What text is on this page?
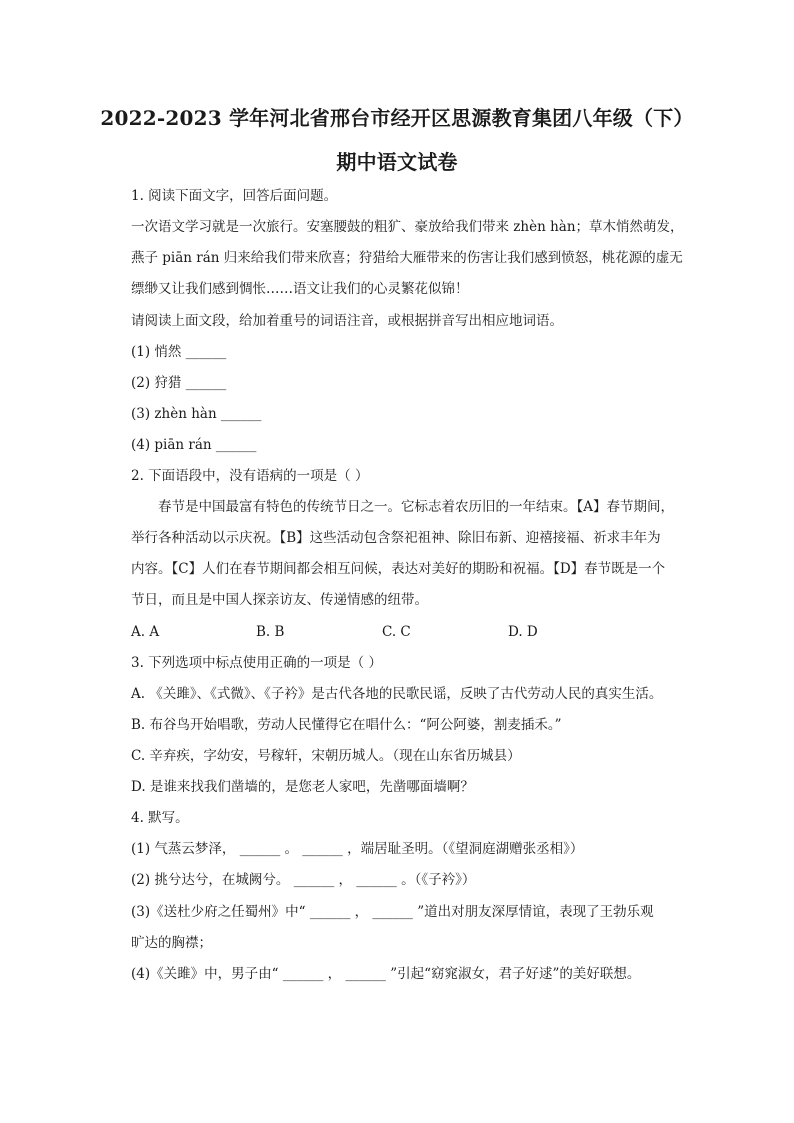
2022-2023 学年河北省邢台市经开区思源教育集团八年级（下）
期中语文试卷
1. 阅读下面文字，回答后面问题。
一次语文学习就是一次旅行。安塞腰鼓的粗犷、豪放给我们带来 zhèn hàn；草木悄然萌发，
燕子 piān rán 归来给我们带来欣喜；狩猎给大雁带来的伤害让我们感到愤怒，桃花源的虚无
缥缈又让我们感到惆怅……语文让我们的心灵繁花似锦！
请阅读上面文段，给加着重号的词语注音，或根据拼音写出相应地词语。
(1) 悄然 ______
(2) 狩猎 ______
(3) zhèn hàn ______
(4) piān rán ______
2. 下面语段中，没有语病的一项是（ ）
春节是中国最富有特色的传统节日之一。它标志着农历旧的一年结束。【A】春节期间，
举行各种活动以示庆祝。【B】这些活动包含祭祀祖神、除旧布新、迎禧接福、祈求丰年为
内容。【C】人们在春节期间都会相互问候，表达对美好的期盼和祝福。【D】春节既是一个
节日，而且是中国人探亲访友、传递情感的纽带。
A. A	B. B	C. C	D. D
3. 下列选项中标点使用正确的一项是（ ）
A. 《关雎》、《式微》、《子衿》是古代各地的民歌民谣，反映了古代劳动人民的真实生活。
B. 布谷鸟开始唱歌，劳动人民懂得它在唱什么：“阿公阿婆，割麦插禾。”
C. 辛弃疾，字幼安，号稼轩，宋朝历城人。（现在山东省历城县）
D. 是谁来找我们凿墙的，是您老人家吧，先凿哪面墙啊？
4. 默写。
(1) 气蒸云梦泽， ______ 。 ______ ，端居耻圣明。（《望洞庭湖赠张丞相》）
(2) 挑兮达兮，在城阙兮。 ______ ， ______ 。（《子衿》）
(3)《送杜少府之任蜀州》中“ ______ ， ______ ”道出对朋友深厚情谊，表现了王勃乐观
旷达的胸襟；
(4)《关雎》中，男子由“ ______ ， ______ ”引起“窈窕淑女，君子好逑”的美好联想。
